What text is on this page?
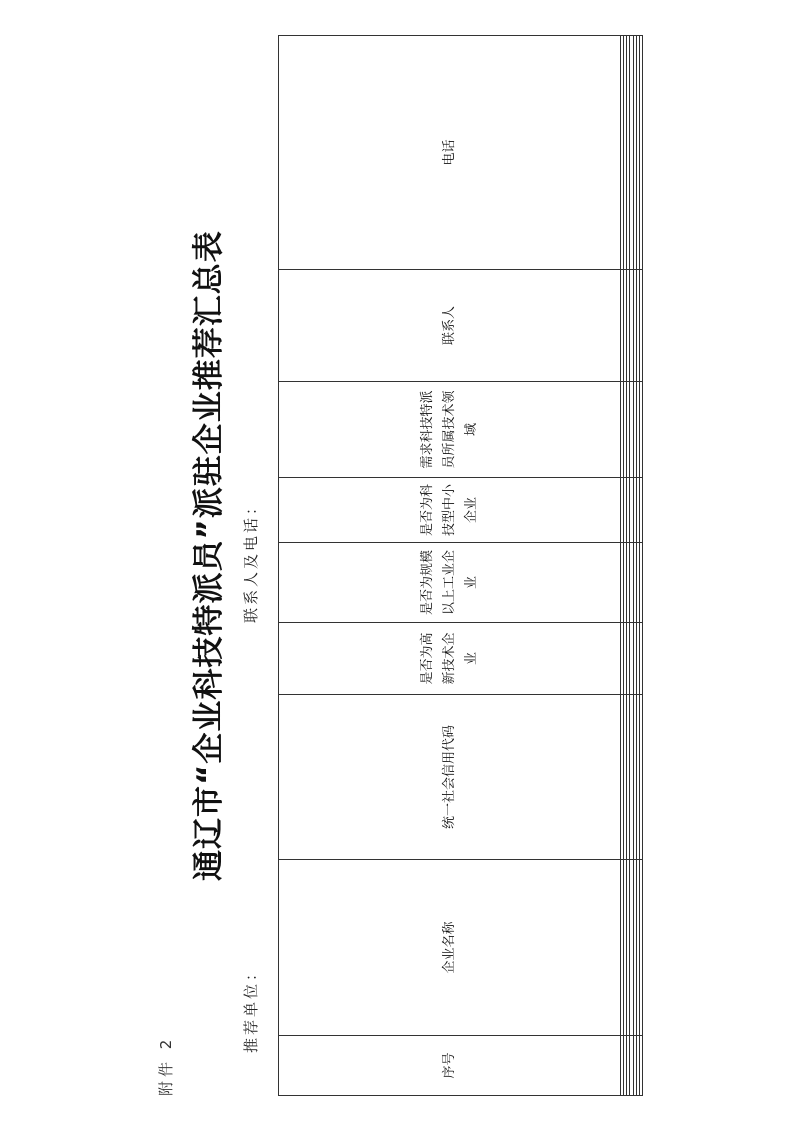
附件 2
通辽市“企业科技特派员”派驻企业推荐汇总表
推荐单位：
联系人及电话：
序号	企业名称	统一社会信用代码	是否为高新技术企业	是否为规模以上工业企业	是否为科技型中小企业	需求科技特派员所属技术领域	联系人	电话
